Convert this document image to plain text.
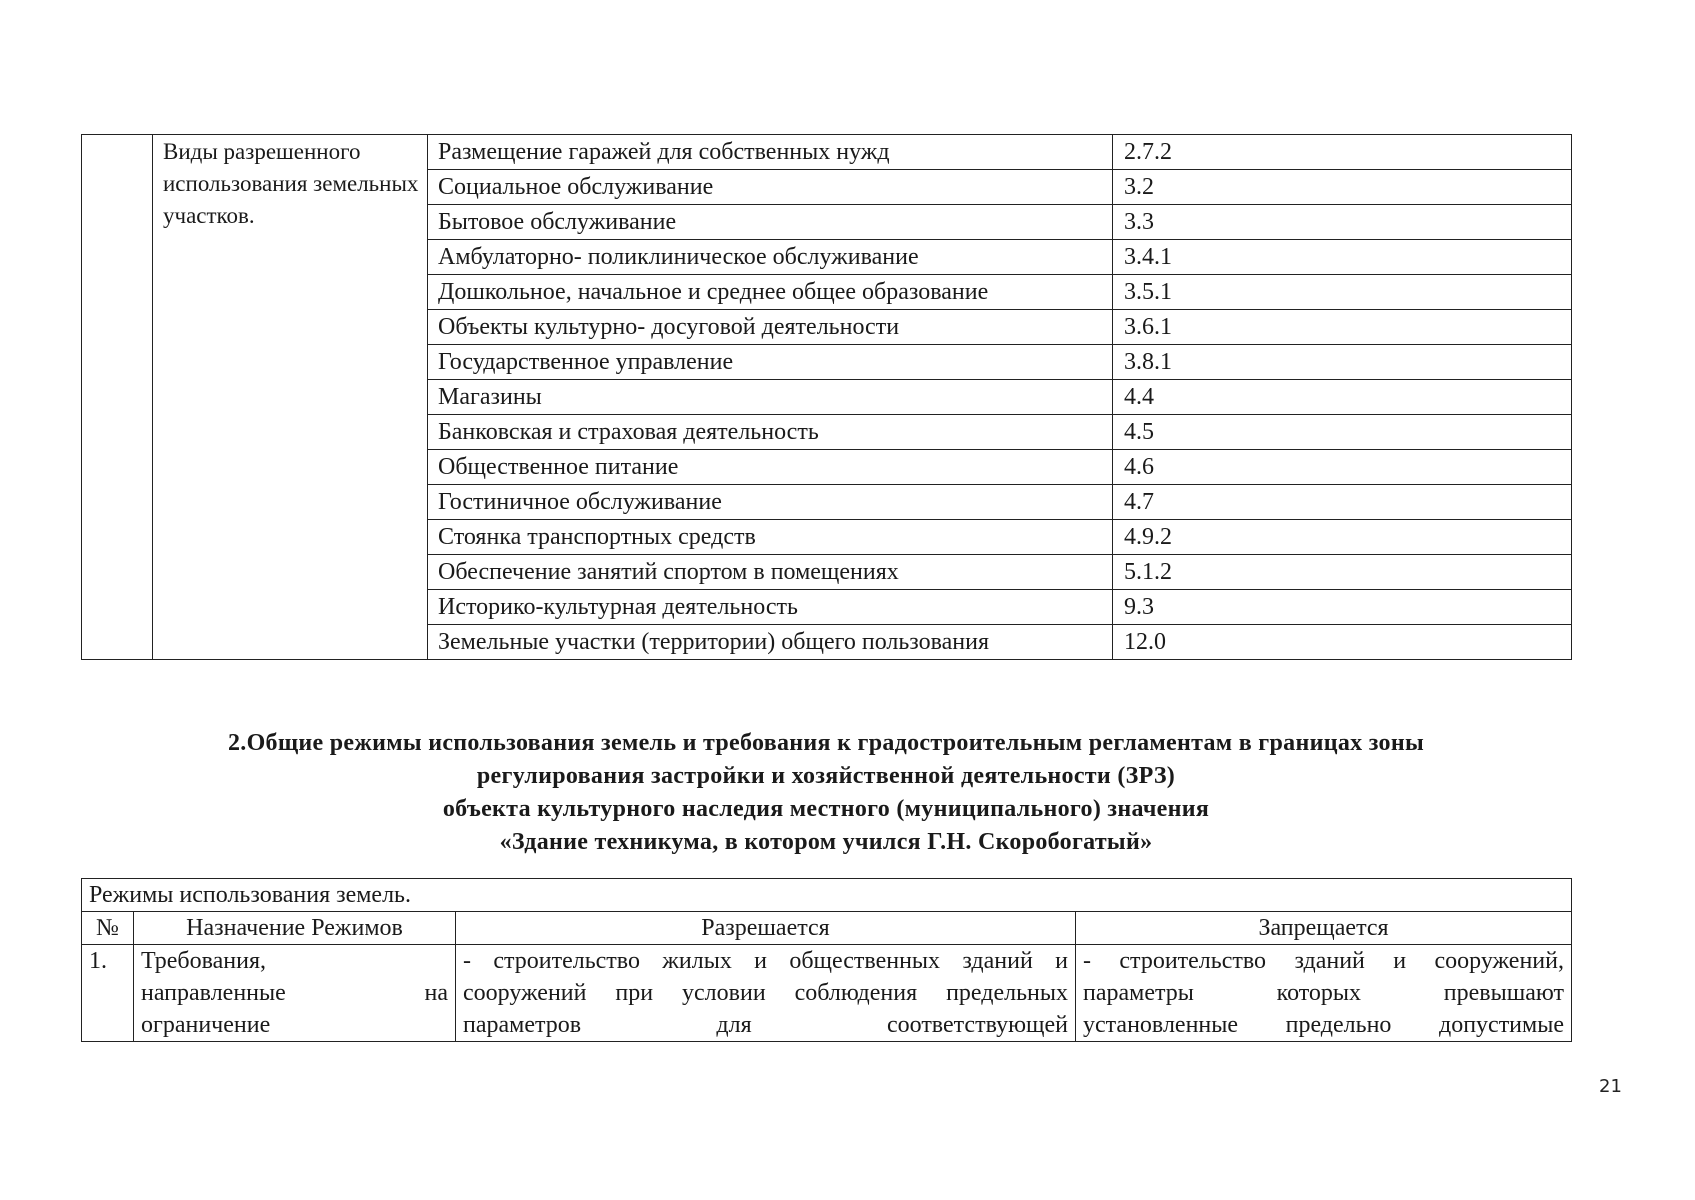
	Виды разрешенного использования земельных участков.	Размещение гаражей для собственных нужд	2.7.2
		Социальное обслуживание	3.2
		Бытовое обслуживание	3.3
		Амбулаторно- поликлиническое обслуживание	3.4.1
		Дошкольное, начальное и среднее общее образование	3.5.1
		Объекты культурно- досуговой деятельности	3.6.1
		Государственное управление	3.8.1
		Магазины	4.4
		Банковская и страховая деятельность	4.5
		Общественное питание	4.6
		Гостиничное обслуживание	4.7
		Стоянка транспортных средств	4.9.2
		Обеспечение занятий спортом в помещениях	5.1.2
		Историко-культурная деятельность	9.3
		Земельные участки (территории) общего пользования	12.0
2.Общие режимы использования земель и требования к градостроительным регламентам в границах зоны
регулирования застройки и хозяйственной деятельности (ЗРЗ)
объекта культурного наследия местного (муниципального) значения
«Здание техникума, в котором учился Г.Н. Скоробогатый»
Режимы использования земель.			
№	Назначение Режимов	Разрешается	Запрещается
1.	Требования,
направленные на
ограничение	- строительство жилых и общественных зданий и сооружений при условии соблюдения предельных параметров для соответствующей	- строительство зданий и сооружений, параметры которых превышают установленные предельно допустимые
21
